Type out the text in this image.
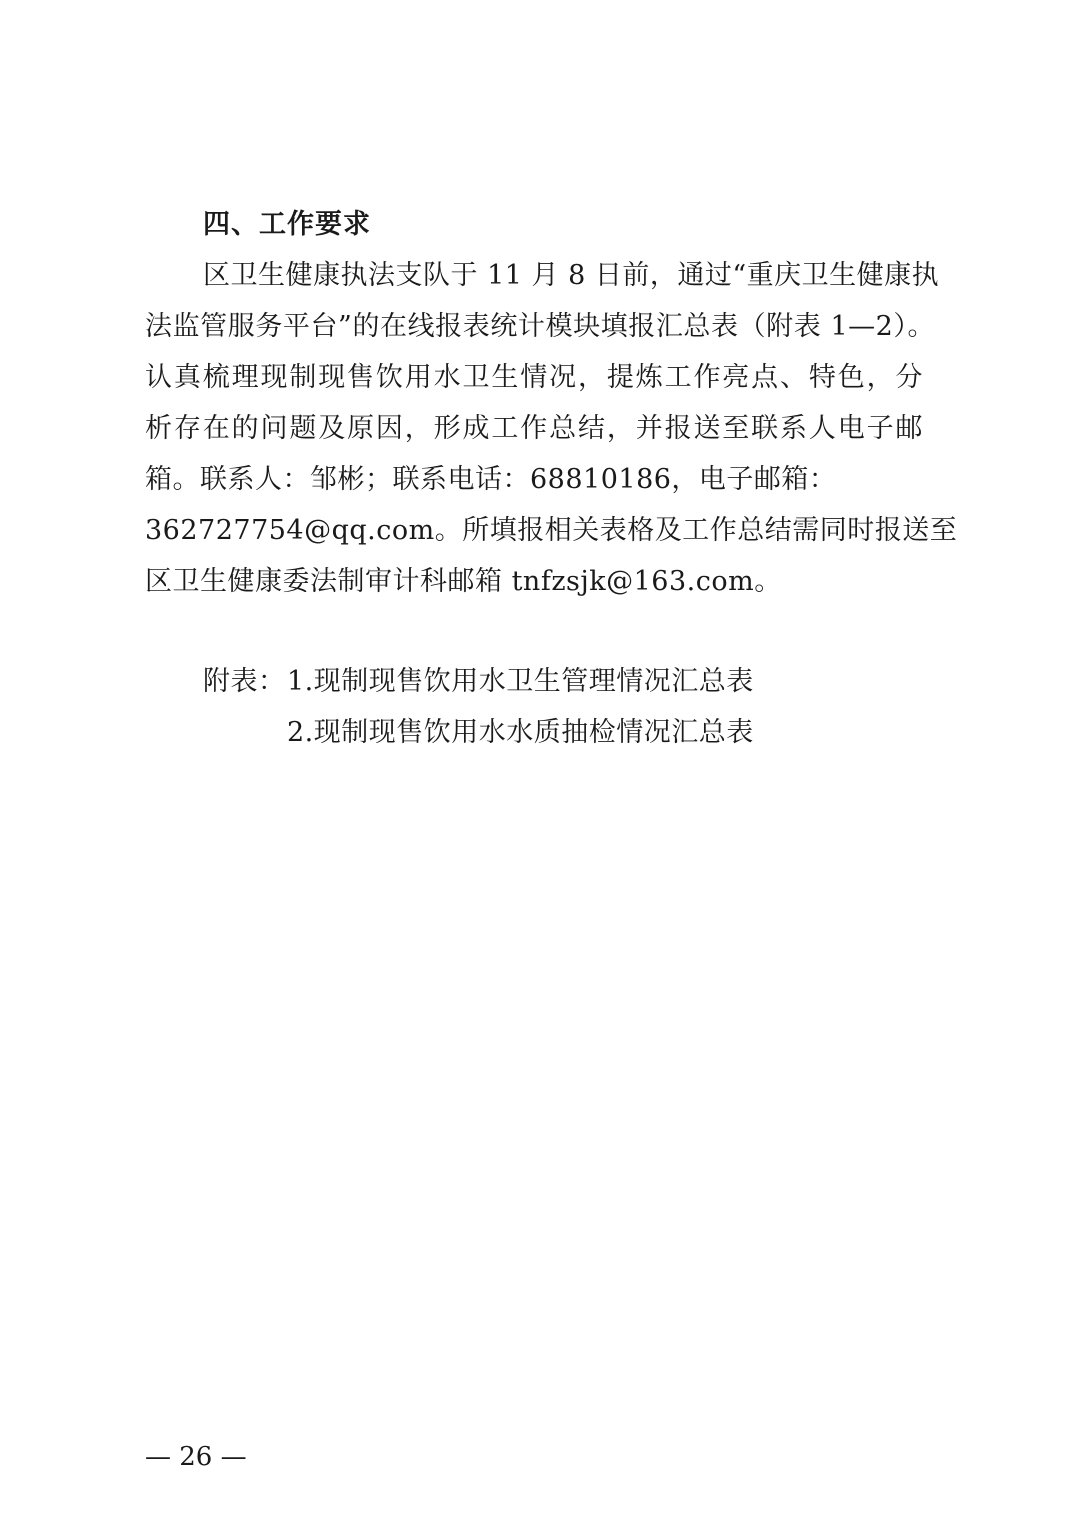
四、工作要求
区卫生健康执法支队于 11 月 8 日前，通过“重庆卫生健康执
法监管服务平台”的在线报表统计模块填报汇总表（附表 1—2）。
认真梳理现制现售饮用水卫生情况，提炼工作亮点、特色，分
析存在的问题及原因，形成工作总结，并报送至联系人电子邮
箱。联系人：邹彬；联系电话：68810186，电子邮箱：
362727754@qq.com。所填报相关表格及工作总结需同时报送至
区卫生健康委法制审计科邮箱 tnfzsjk@163.com。
附表： 1.现制现售饮用水卫生管理情况汇总表
2.现制现售饮用水水质抽检情况汇总表
— 26 —
